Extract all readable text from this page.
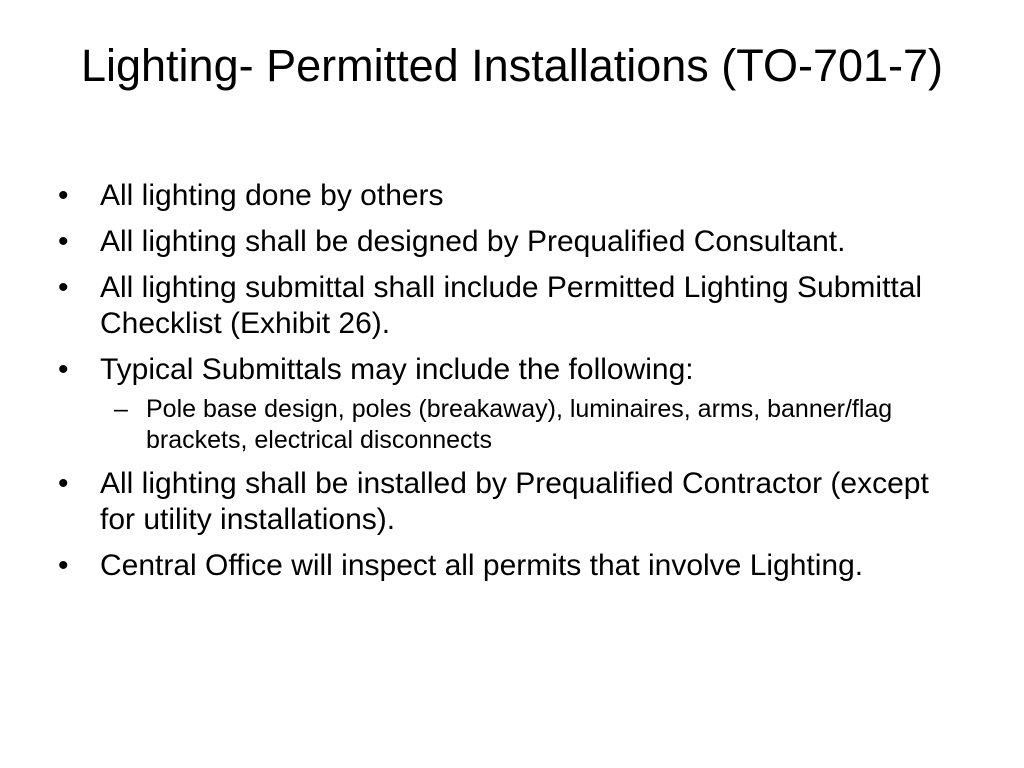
Lighting- Permitted Installations (TO-701-7)
•	All lighting done by others
•	All lighting shall be designed by Prequalified Consultant.
•	All lighting submittal shall include Permitted Lighting Submittal Checklist (Exhibit 26).
•	Typical Submittals may include the following:
– Pole base design, poles (breakaway), luminaires, arms, banner/flag brackets, electrical disconnects
•	All lighting shall be installed by Prequalified Contractor (except for utility installations).
•	Central Office will inspect all permits that involve Lighting.
